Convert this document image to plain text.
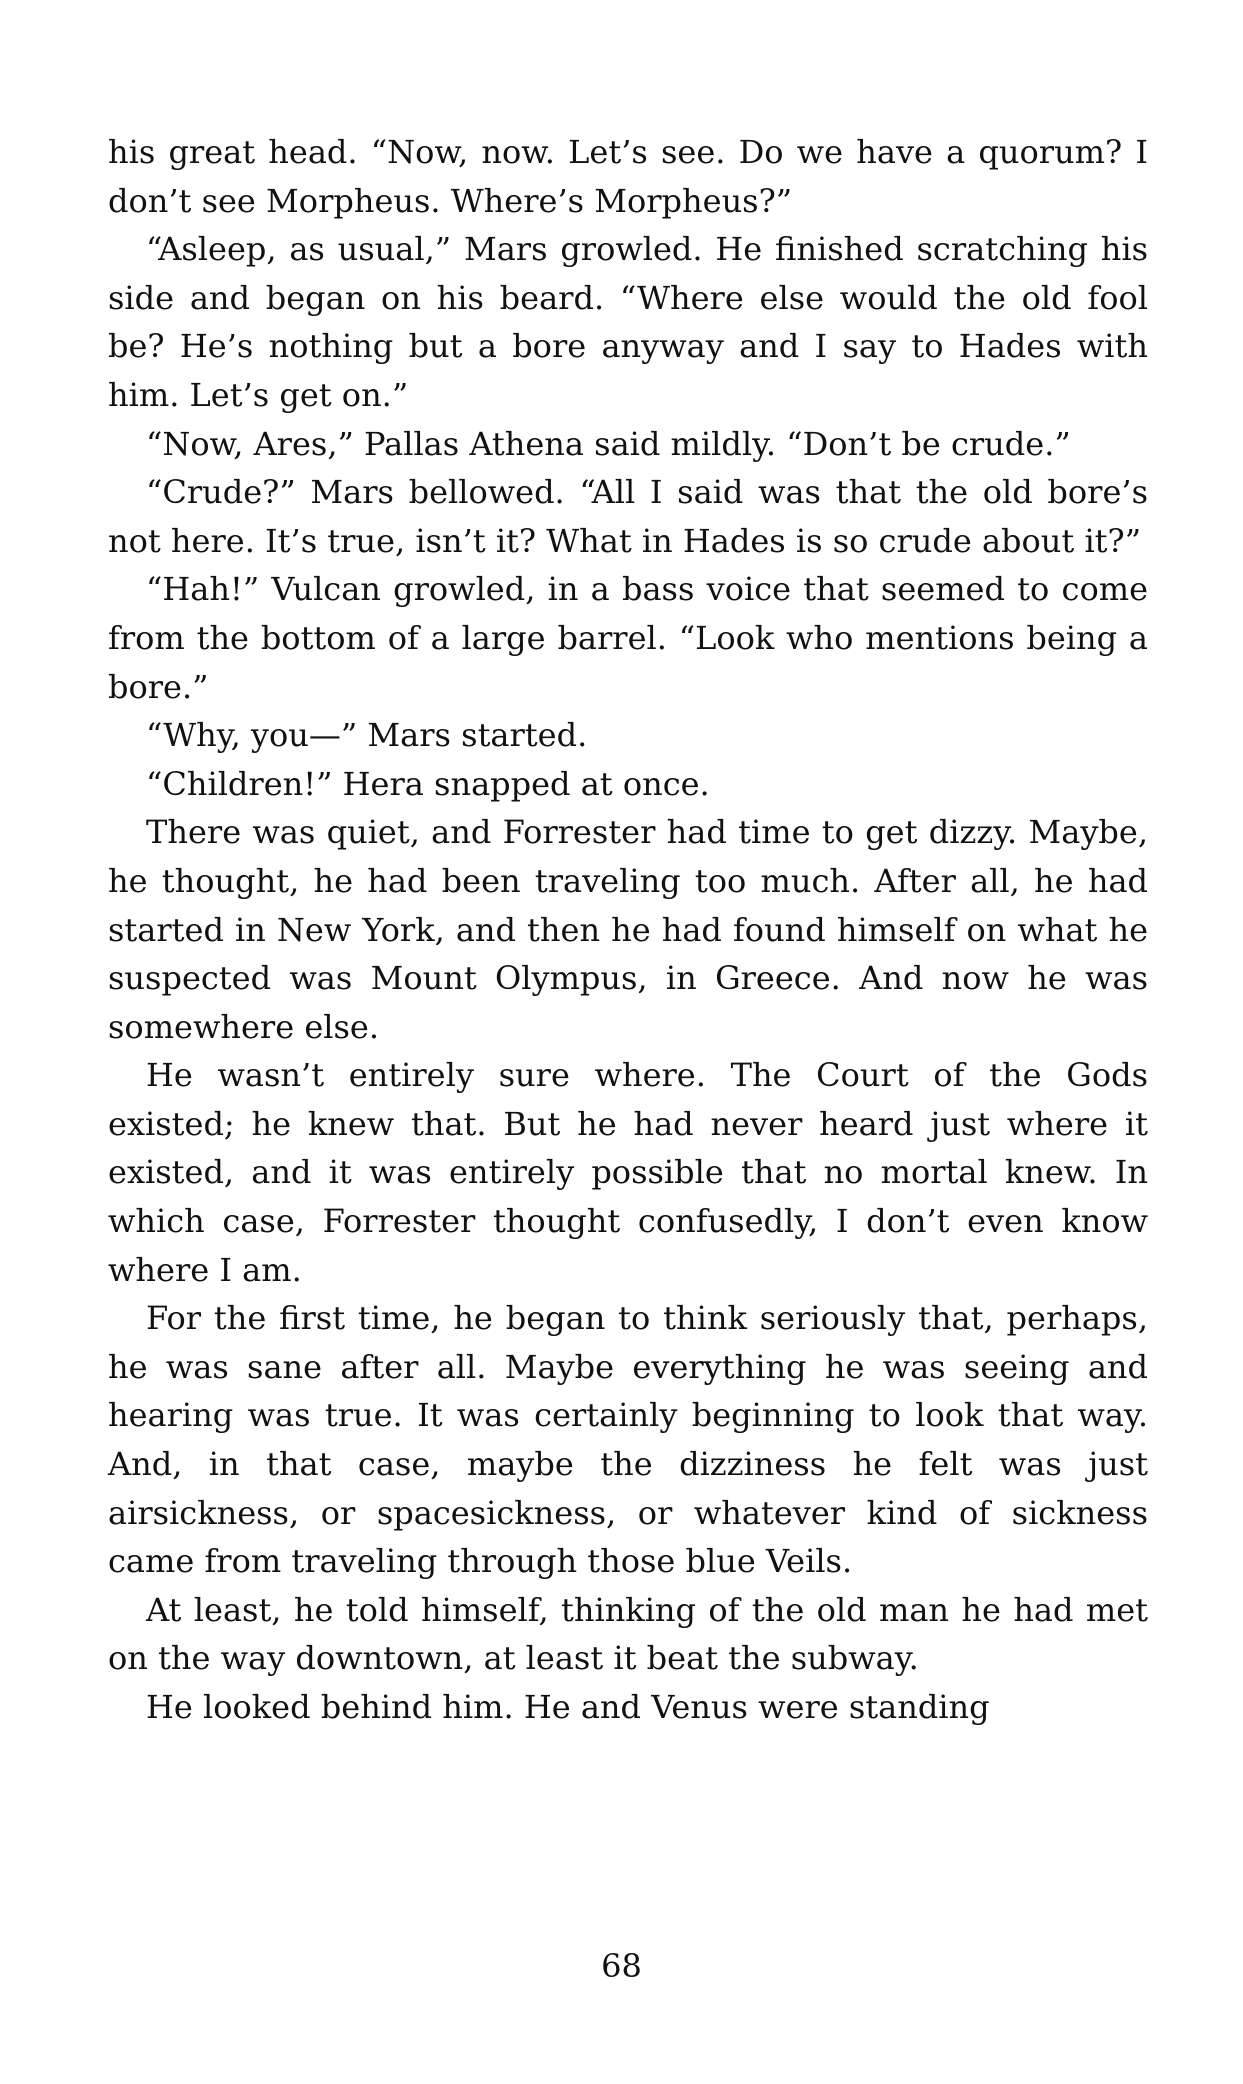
his great head. “Now, now. Let’s see. Do we have a quorum? I don’t see Morpheus. Where’s Morpheus?”

“Asleep, as usual,” Mars growled. He finished scratching his side and began on his beard. “Where else would the old fool be? He’s nothing but a bore anyway and I say to Hades with him. Let’s get on.”

“Now, Ares,” Pallas Athena said mildly. “Don’t be crude.”

“Crude?” Mars bellowed. “All I said was that the old bore’s not here. It’s true, isn’t it? What in Hades is so crude about it?”

“Hah!” Vulcan growled, in a bass voice that seemed to come from the bottom of a large barrel. “Look who mentions being a bore.”

“Why, you—” Mars started.

“Children!” Hera snapped at once.

There was quiet, and Forrester had time to get dizzy. Maybe, he thought, he had been traveling too much. After all, he had started in New York, and then he had found himself on what he suspected was Mount Olympus, in Greece. And now he was somewhere else.

He wasn’t entirely sure where. The Court of the Gods existed; he knew that. But he had never heard just where it existed, and it was entirely possible that no mortal knew. In which case, Forrester thought confusedly, I don’t even know where I am.

For the first time, he began to think seriously that, perhaps, he was sane after all. Maybe everything he was seeing and hearing was true. It was certainly beginning to look that way. And, in that case, maybe the dizziness he felt was just airsickness, or spacesickness, or whatever kind of sickness came from traveling through those blue Veils.

At least, he told himself, thinking of the old man he had met on the way downtown, at least it beat the subway.

He looked behind him. He and Venus were standing

68
